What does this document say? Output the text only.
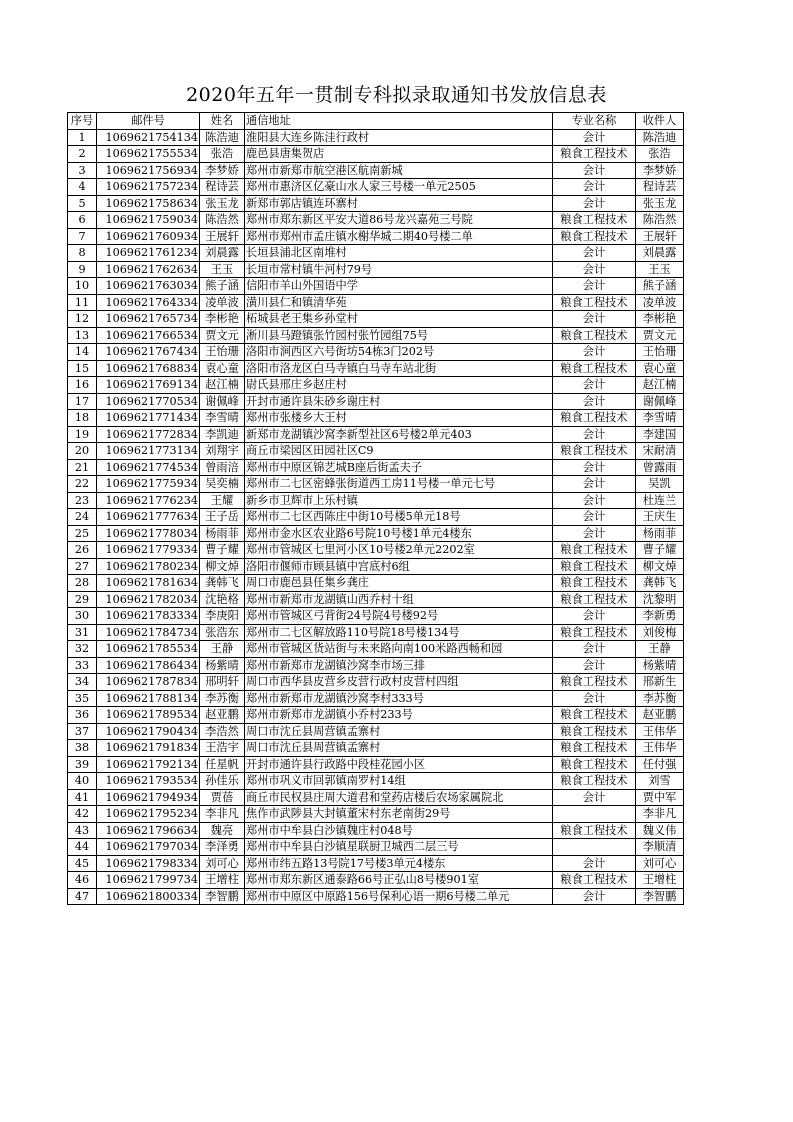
2020年五年一贯制专科拟录取通知书发放信息表
序号	邮件号	姓名	通信地址	专业名称	收件人
1	1069621754134	陈浩迪	淮阳县大连乡陈洼行政村	会计	陈浩迪
2	1069621755534	张浩	鹿邑县唐集贺店	粮食工程技术	张浩
3	1069621756934	李梦娇	郑州市新郑市航空港区航南新城	会计	李梦娇
4	1069621757234	程诗芸	郑州市惠济区亿豪山水人家三号楼一单元2505	会计	程诗芸
5	1069621758634	张玉龙	新郑市郭店镇连环寨村	会计	张玉龙
6	1069621759034	陈浩然	郑州市郑东新区平安大道86号龙兴嘉苑三号院	粮食工程技术	陈浩然
7	1069621760934	王展轩	郑州市郑州市孟庄镇水榭华城二期40号楼二单	粮食工程技术	王展轩
8	1069621761234	刘晨露	长垣县浦北区南堆村	会计	刘晨露
9	1069621762634	王玉	长垣市常村镇牛河村79号	会计	王玉
10	1069621763034	熊子涵	信阳市羊山外国语中学	会计	熊子涵
11	1069621764334	凌单波	潢川县仁和镇清华苑	粮食工程技术	凌单波
12	1069621765734	李彬艳	柘城县老王集乡孙堂村	会计	李彬艳
13	1069621766534	贾文元	淅川县马蹬镇张竹园村张竹园组75号	粮食工程技术	贾文元
14	1069621767434	王怡珊	洛阳市涧西区六号街坊54栋3门202号	会计	王怡珊
15	1069621768834	袁心童	洛阳市洛龙区白马寺镇白马寺车站北街	粮食工程技术	袁心童
16	1069621769134	赵江楠	尉氏县邢庄乡赵庄村	会计	赵江楠
17	1069621770534	谢佩峰	开封市通许县朱砂乡谢庄村	会计	谢佩峰
18	1069621771434	李雪晴	郑州市张楼乡大王村	粮食工程技术	李雪晴
19	1069621772834	李凯迪	新郑市龙湖镇沙窝李新型社区6号楼2单元403	会计	李建国
20	1069621773134	刘翔宇	商丘市梁园区田园社区C9	粮食工程技术	宋耐清
21	1069621774534	曾雨涪	郑州市中原区锦艺城B座后街孟夫子	会计	曾露雨
22	1069621775934	吴奕楠	郑州市二七区密蜂张街道西工房11号楼一单元七号	会计	吴凯
23	1069621776234	王耀	新乡市卫辉市上乐村镇	会计	杜连兰
24	1069621777634	王子岳	郑州市二七区西陈庄中街10号楼5单元18号	会计	王庆生
25	1069621778034	杨雨菲	郑州市金水区农业路6号院10号楼1单元4楼东	会计	杨雨菲
26	1069621779334	曹子耀	郑州市管城区七里河小区10号楼2单元2202室	粮食工程技术	曹子耀
27	1069621780234	柳文焯	洛阳市偃师市顾县镇中宫底村6组	粮食工程技术	柳文焯
28	1069621781634	龚韩飞	周口市鹿邑县任集乡龚庄	粮食工程技术	龚韩飞
29	1069621782034	沈艳格	郑州市新郑市龙湖镇山西乔村十组	粮食工程技术	沈黎明
30	1069621783334	李庚阳	郑州市管城区弓背街24号院4号楼92号	会计	李新勇
31	1069621784734	张浩东	郑州市二七区解放路110号院18号楼134号	粮食工程技术	刘俊梅
32	1069621785534	王静	郑州市管城区货站街与未来路向南100米路西畅和园	会计	王静
33	1069621786434	杨紫晴	郑州市新郑市龙湖镇沙窝李市场三排	会计	杨紫晴
34	1069621787834	邢明轩	周口市西华县皮营乡皮营行政村皮营村四组	粮食工程技术	邢新生
35	1069621788134	李苏衡	郑州市新郑市龙湖镇沙窝李村333号	会计	李苏衡
36	1069621789534	赵亚鹏	郑州市新郑市龙湖镇小乔村233号	粮食工程技术	赵亚鹏
37	1069621790434	李浩然	周口市沈丘县周营镇孟寨村	粮食工程技术	王伟华
38	1069621791834	王浩宇	周口市沈丘县周营镇孟寨村	粮食工程技术	王伟华
39	1069621792134	任星帆	开封市通许县行政路中段桂花园小区	粮食工程技术	任付强
40	1069621793534	孙佳乐	郑州市巩义市回郭镇南罗村14组	粮食工程技术	刘雪
41	1069621794934	贾蓓	商丘市民权县庄周大道君和堂药店楼后农场家属院北	会计	贾中军
42	1069621795234	李非凡	焦作市武陟县大封镇董宋村东老南街29号		李非凡
43	1069621796634	魏亮	郑州市中牟县白沙镇魏庄村048号	粮食工程技术	魏义伟
44	1069621797034	李泽勇	郑州市中牟县白沙镇星联厨卫城西二层三号		李顺清
45	1069621798334	刘可心	郑州市纬五路13号院17号楼3单元4楼东	会计	刘可心
46	1069621799734	王增柱	郑州市郑东新区通泰路66号正弘山8号楼901室	粮食工程技术	王增柱
47	1069621800334	李智鹏	郑州市中原区中原路156号保利心语一期6号楼二单元	会计	李智鹏
